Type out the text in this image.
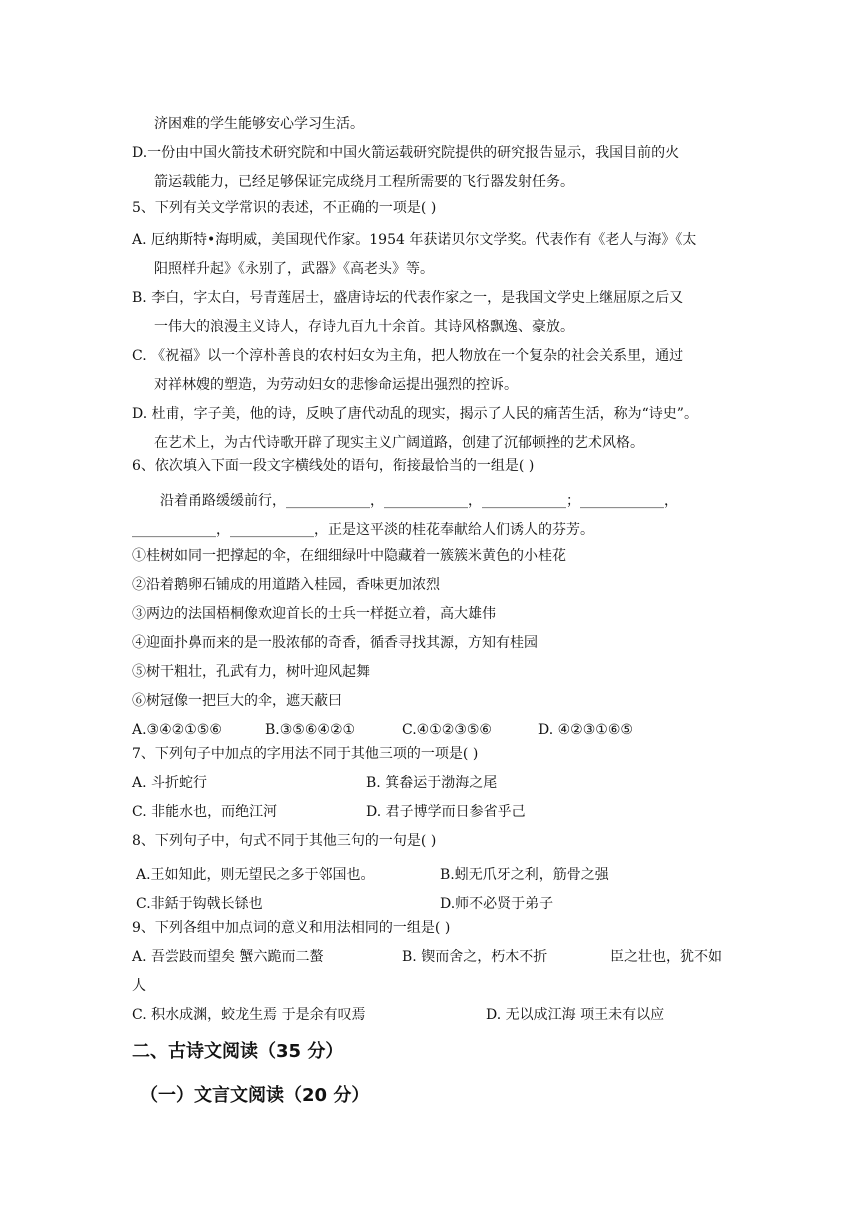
济困难的学生能够安心学习生活。
D.一份由中国火箭技术研究院和中国火箭运载研究院提供的研究报告显示，我国目前的火
箭运载能力，已经足够保证完成绕月工程所需要的飞行器发射任务。
5、下列有关文学常识的表述，不正确的一项是( )
A. 厄纳斯特•海明威，美国现代作家。1954 年获诺贝尔文学奖。代表作有《老人与海》《太
阳照样升起》《永别了，武器》《高老头》等。
B. 李白，字太白，号青莲居士，盛唐诗坛的代表作家之一，是我国文学史上继屈原之后又
一伟大的浪漫主义诗人，存诗九百九十余首。其诗风格飘逸、豪放。
C. 《祝福》以一个淳朴善良的农村妇女为主角，把人物放在一个复杂的社会关系里，通过
对祥林嫂的塑造，为劳动妇女的悲惨命运提出强烈的控诉。
D. 杜甫，字子美，他的诗，反映了唐代动乱的现实，揭示了人民的痛苦生活，称为“诗史”。
在艺术上，为古代诗歌开辟了现实主义广阔道路，创建了沉郁顿挫的艺术风格。
6、依次填入下面一段文字横线处的语句，衔接最恰当的一组是( )
沿着甬路缓缓前行，____________，____________，____________；____________，
____________，____________，正是这平淡的桂花奉献给人们诱人的芬芳。
①桂树如同一把撑起的伞，在细细绿叶中隐藏着一簇簇米黄色的小桂花
②沿着鹅卵石铺成的用道踏入桂园，香味更加浓烈
③两边的法国梧桐像欢迎首长的士兵一样挺立着，高大雄伟
④迎面扑鼻而来的是一股浓郁的奇香，循香寻找其源，方知有桂园
⑤树干粗壮，孔武有力，树叶迎风起舞
⑥树冠像一把巨大的伞，遮天蔽曰
A.③④②①⑤⑥	B.③⑤⑥④②①	C.④①②③⑤⑥	D. ④②③①⑥⑤
7、下列句子中加点的字用法不同于其他三项的一项是( )
A. 斗折蛇行	B. 箕畚运于渤海之尾
C. 非能水也，而绝江河	D. 君子博学而日参省乎己
8、下列句子中，句式不同于其他三句的一句是( )
A.王如知此，则无望民之多于邻国也。	B.蚓无爪牙之利，筋骨之强
C.非銛于钩戟长铩也	D.师不必贤于弟子
9、下列各组中加点词的意义和用法相同的一组是( )
A. 吾尝跂而望矣 蟹六跪而二螯	B. 锲而舍之，朽木不折	臣之壮也，犹不如
人
C. 积水成渊，蛟龙生焉 于是余有叹焉	D. 无以成江海 项王未有以应
二、古诗文阅读（35 分）
（一）文言文阅读（20 分）
